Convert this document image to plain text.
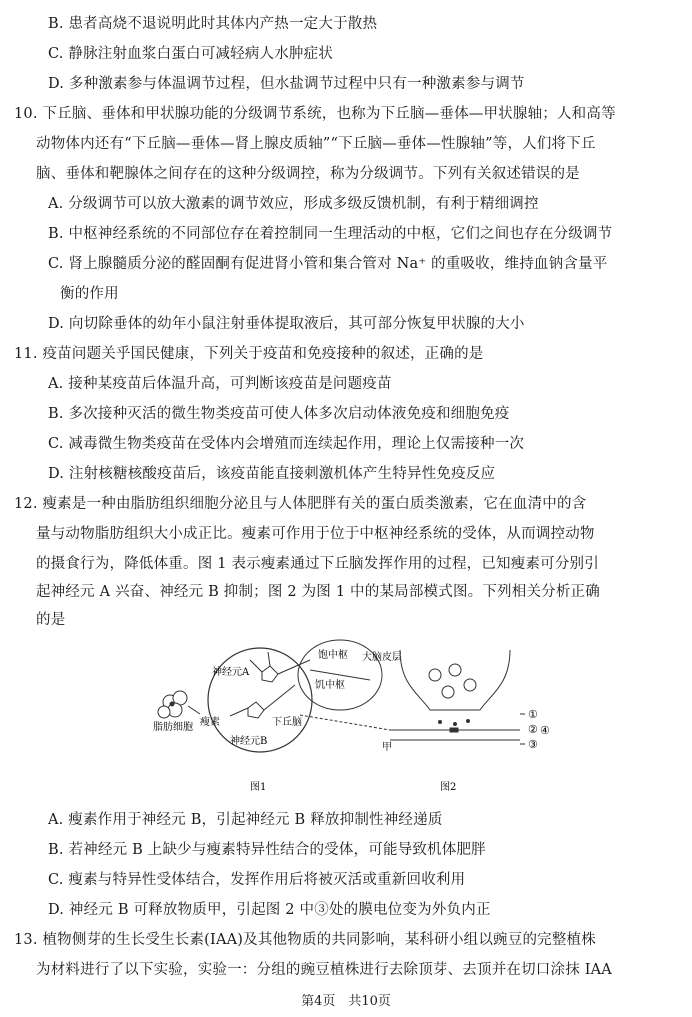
B. 患者高烧不退说明此时其体内产热一定大于散热
C. 静脉注射血浆白蛋白可减轻病人水肿症状
D. 多种激素参与体温调节过程，但水盐调节过程中只有一种激素参与调节
10. 下丘脑、垂体和甲状腺功能的分级调节系统，也称为下丘脑—垂体—甲状腺轴；人和高等
动物体内还有“下丘脑—垂体—肾上腺皮质轴”“下丘脑—垂体—性腺轴”等，人们将下丘
脑、垂体和靶腺体之间存在的这种分级调控，称为分级调节。下列有关叙述错误的是
A. 分级调节可以放大激素的调节效应，形成多级反馈机制，有利于精细调控
B. 中枢神经系统的不同部位存在着控制同一生理活动的中枢，它们之间也存在分级调节
C. 肾上腺髓质分泌的醛固酮有促进肾小管和集合管对 Na⁺ 的重吸收，维持血钠含量平
衡的作用
D. 向切除垂体的幼年小鼠注射垂体提取液后，其可部分恢复甲状腺的大小
11. 疫苗问题关乎国民健康，下列关于疫苗和免疫接种的叙述，正确的是
A. 接种某疫苗后体温升高，可判断该疫苗是问题疫苗
B. 多次接种灭活的微生物类疫苗可使人体多次启动体液免疫和细胞免疫
C. 减毒微生物类疫苗在受体内会增殖而连续起作用，理论上仅需接种一次
D. 注射核糖核酸疫苗后，该疫苗能直接刺激机体产生特异性免疫反应
12. 瘦素是一种由脂肪组织细胞分泌且与人体肥胖有关的蛋白质类激素，它在血清中的含
量与动物脂肪组织大小成正比。瘦素可作用于位于中枢神经系统的受体，从而调控动物
的摄食行为，降低体重。图 1 表示瘦素通过下丘脑发挥作用的过程，已知瘦素可分别引
起神经元 A 兴奋、神经元 B 抑制；图 2 为图 1 中的某局部模式图。下列相关分析正确
的是
A. 瘦素作用于神经元 B，引起神经元 B 释放抑制性神经递质
B. 若神经元 B 上缺少与瘦素特异性结合的受体，可能导致机体肥胖
C. 瘦素与特异性受体结合，发挥作用后将被灭活或重新回收利用
D. 神经元 B 可释放物质甲，引起图 2 中③处的膜电位变为外负内正
13. 植物侧芽的生长受生长素(IAA)及其他物质的共同影响，某科研小组以豌豆的完整植株
为材料进行了以下实验，实验一：分组的豌豆植株进行去除顶芽、去顶并在切口涂抹 IAA
脂肪细胞 瘦素	下丘脑
神经元A
神经元B
饱中枢
饥中枢
大脑皮层
图1
甲
①
②
③
④
图2
第4页　共10页
